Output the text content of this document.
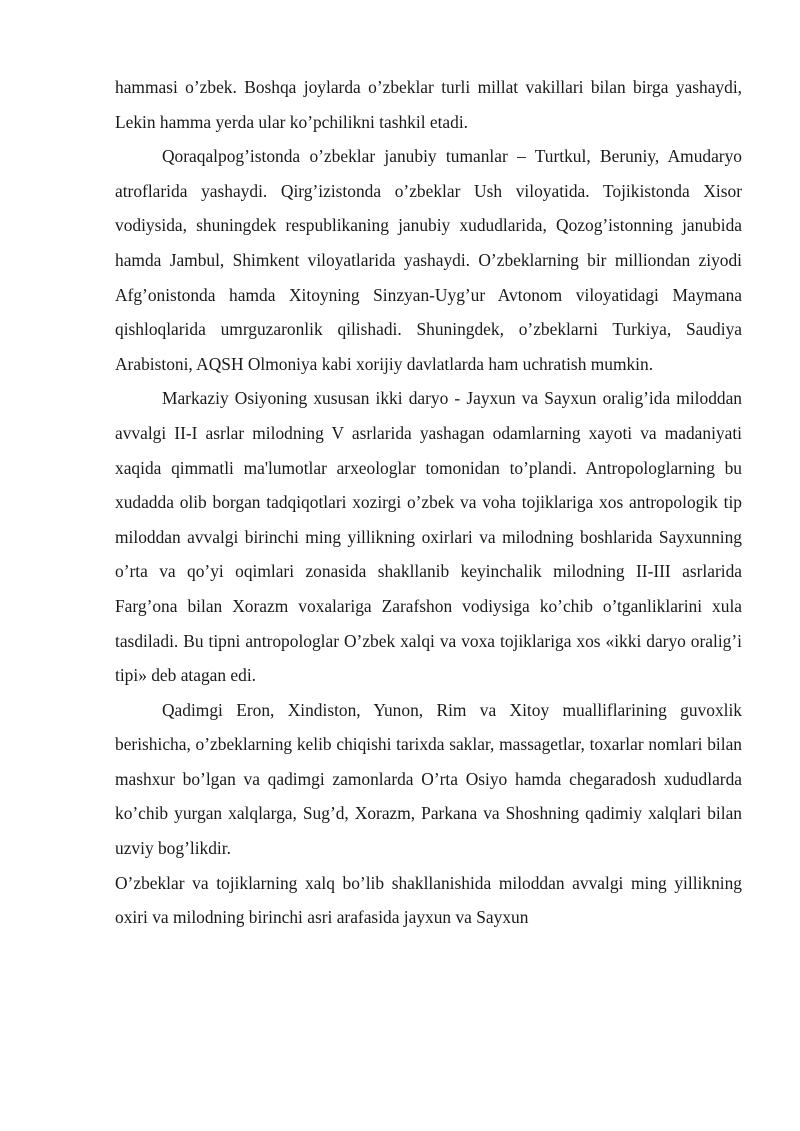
hammasi o’zbek. Boshqa joylarda o’zbeklar turli millat vakillari bilan birga yashaydi, Lekin hamma yerda ular ko’pchilikni tashkil etadi.

Qoraqalpog’istonda o’zbeklar janubiy tumanlar – Turtkul, Beruniy, Amudaryo atroflarida yashaydi. Qirg’izistonda o’zbeklar Ush viloyatida. Tojikistonda Xisor vodiysida, shuningdek respublikaning janubiy xududlarida, Qozog’istonning janubida hamda Jambul, Shimkent viloyatlarida yashaydi. O’zbeklarning bir milliondan ziyodi Afg’onistonda hamda Xitoyning Sinzyan-Uyg’ur Avtonom viloyatidagi Maymana qishloqlarida umrguzaronlik qilishadi. Shuningdek, o’zbeklarni Turkiya, Saudiya Arabistoni, AQSH Olmoniya kabi xorijiy davlatlarda ham uchratish mumkin.

Markaziy Osiyoning xususan ikki daryo - Jayxun va Sayxun oralig’ida miloddan avvalgi II-I asrlar milodning V asrlarida yashagan odamlarning xayoti va madaniyati xaqida qimmatli ma'lumotlar arxeologlar tomonidan to’plandi. Antropologlarning bu xudadda olib borgan tadqiqotlari xozirgi o’zbek va voha tojiklariga xos antropologik tip miloddan avvalgi birinchi ming yillikning oxirlari va milodning boshlarida Sayxunning o’rta va qo’yi oqimlari zonasida shakllanib keyinchalik milodning II-III asrlarida Farg’ona bilan Xorazm voxalariga Zarafshon vodiysiga ko’chib o’tganliklarini xula tasdiladi. Bu tipni antropologlar O’zbek xalqi va voxa tojiklariga xos «ikki daryo oralig’i tipi» deb atagan edi.

Qadimgi Eron, Xindiston, Yunon, Rim va Xitoy mualliflarining guvoxlik berishicha, o’zbeklarning kelib chiqishi tarixda saklar, massagetlar, toxarlar nomlari bilan mashxur bo’lgan va qadimgi zamonlarda O’rta Osiyo hamda chegaradosh xududlarda ko’chib yurgan xalqlarga, Sug’d, Xorazm, Parkana va Shoshning qadimiy xalqlari bilan uzviy bog’likdir.

O’zbeklar va tojiklarning xalq bo’lib shakllanishida miloddan avvalgi ming yillikning oxiri va milodning birinchi asri arafasida jayxun va Sayxun
